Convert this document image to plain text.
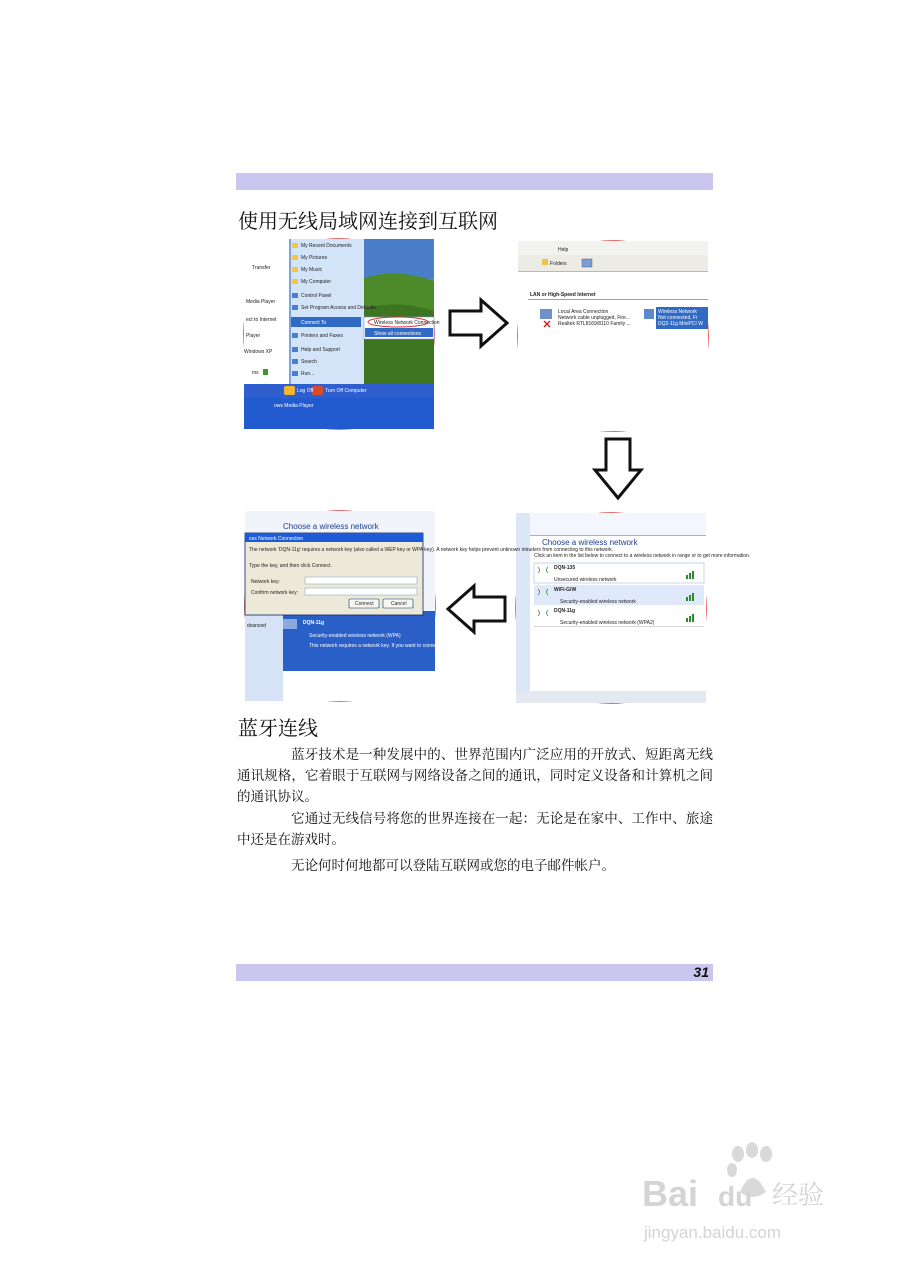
使用无线局域网连接到互联网
My Recent Documents
My Pictures
My Music
My Computer
Control Panel
Set Program Access and Defaults
Connect To
Printers and Faxes
Help and Support
Search
Run...
Wireless Network Connection
Show all connections
Transfer
Media Player
ect to Internet
Player
Windows XP
ms
Log Off Turn Off Computer
ows Media Player
Help
Folders
LAN or High-Speed Internet
Local Area Connection
Network cable unplugged, Fire...
Realtek RTL8169/8110 Family ...
Wireless Network
Not connected, Fi
DQ2-11g MiniPCI W
Choose a wireless network
Click an item in the list below to connect to a wireless network in range or to get more information.
DQN-135
Unsecured wireless network
WiFi-G/W
Security-enabled wireless network
DQN-11g
Security-enabled wireless network (WPA2)
Choose a wireless network
ess Network Connection
The network 'DQN-11g' requires a network key (also called a WEP key or WPA key). A network key helps prevent unknown intruders from connecting to this network.
Type the key, and then click Connect.
Network key:
Confirm network key:
Connect	Cancel
dvanced	DQN-11g
Security-enabled wireless network (WPA)
This network requires a network key. If you want to connect to this network, click Connect.
蓝牙连线
蓝牙技术是一种发展中的、世界范围内广泛应用的开放式、短距离无线通讯规格，它着眼于互联网与网络设备之间的通讯，同时定义设备和计算机之间的通讯协议。
它通过无线信号将您的世界连接在一起：无论是在家中、工作中、旅途中还是在游戏时。
无论何时何地都可以登陆互联网或您的电子邮件帐户。
31
Bai du 经验
jingyan.baidu.com
